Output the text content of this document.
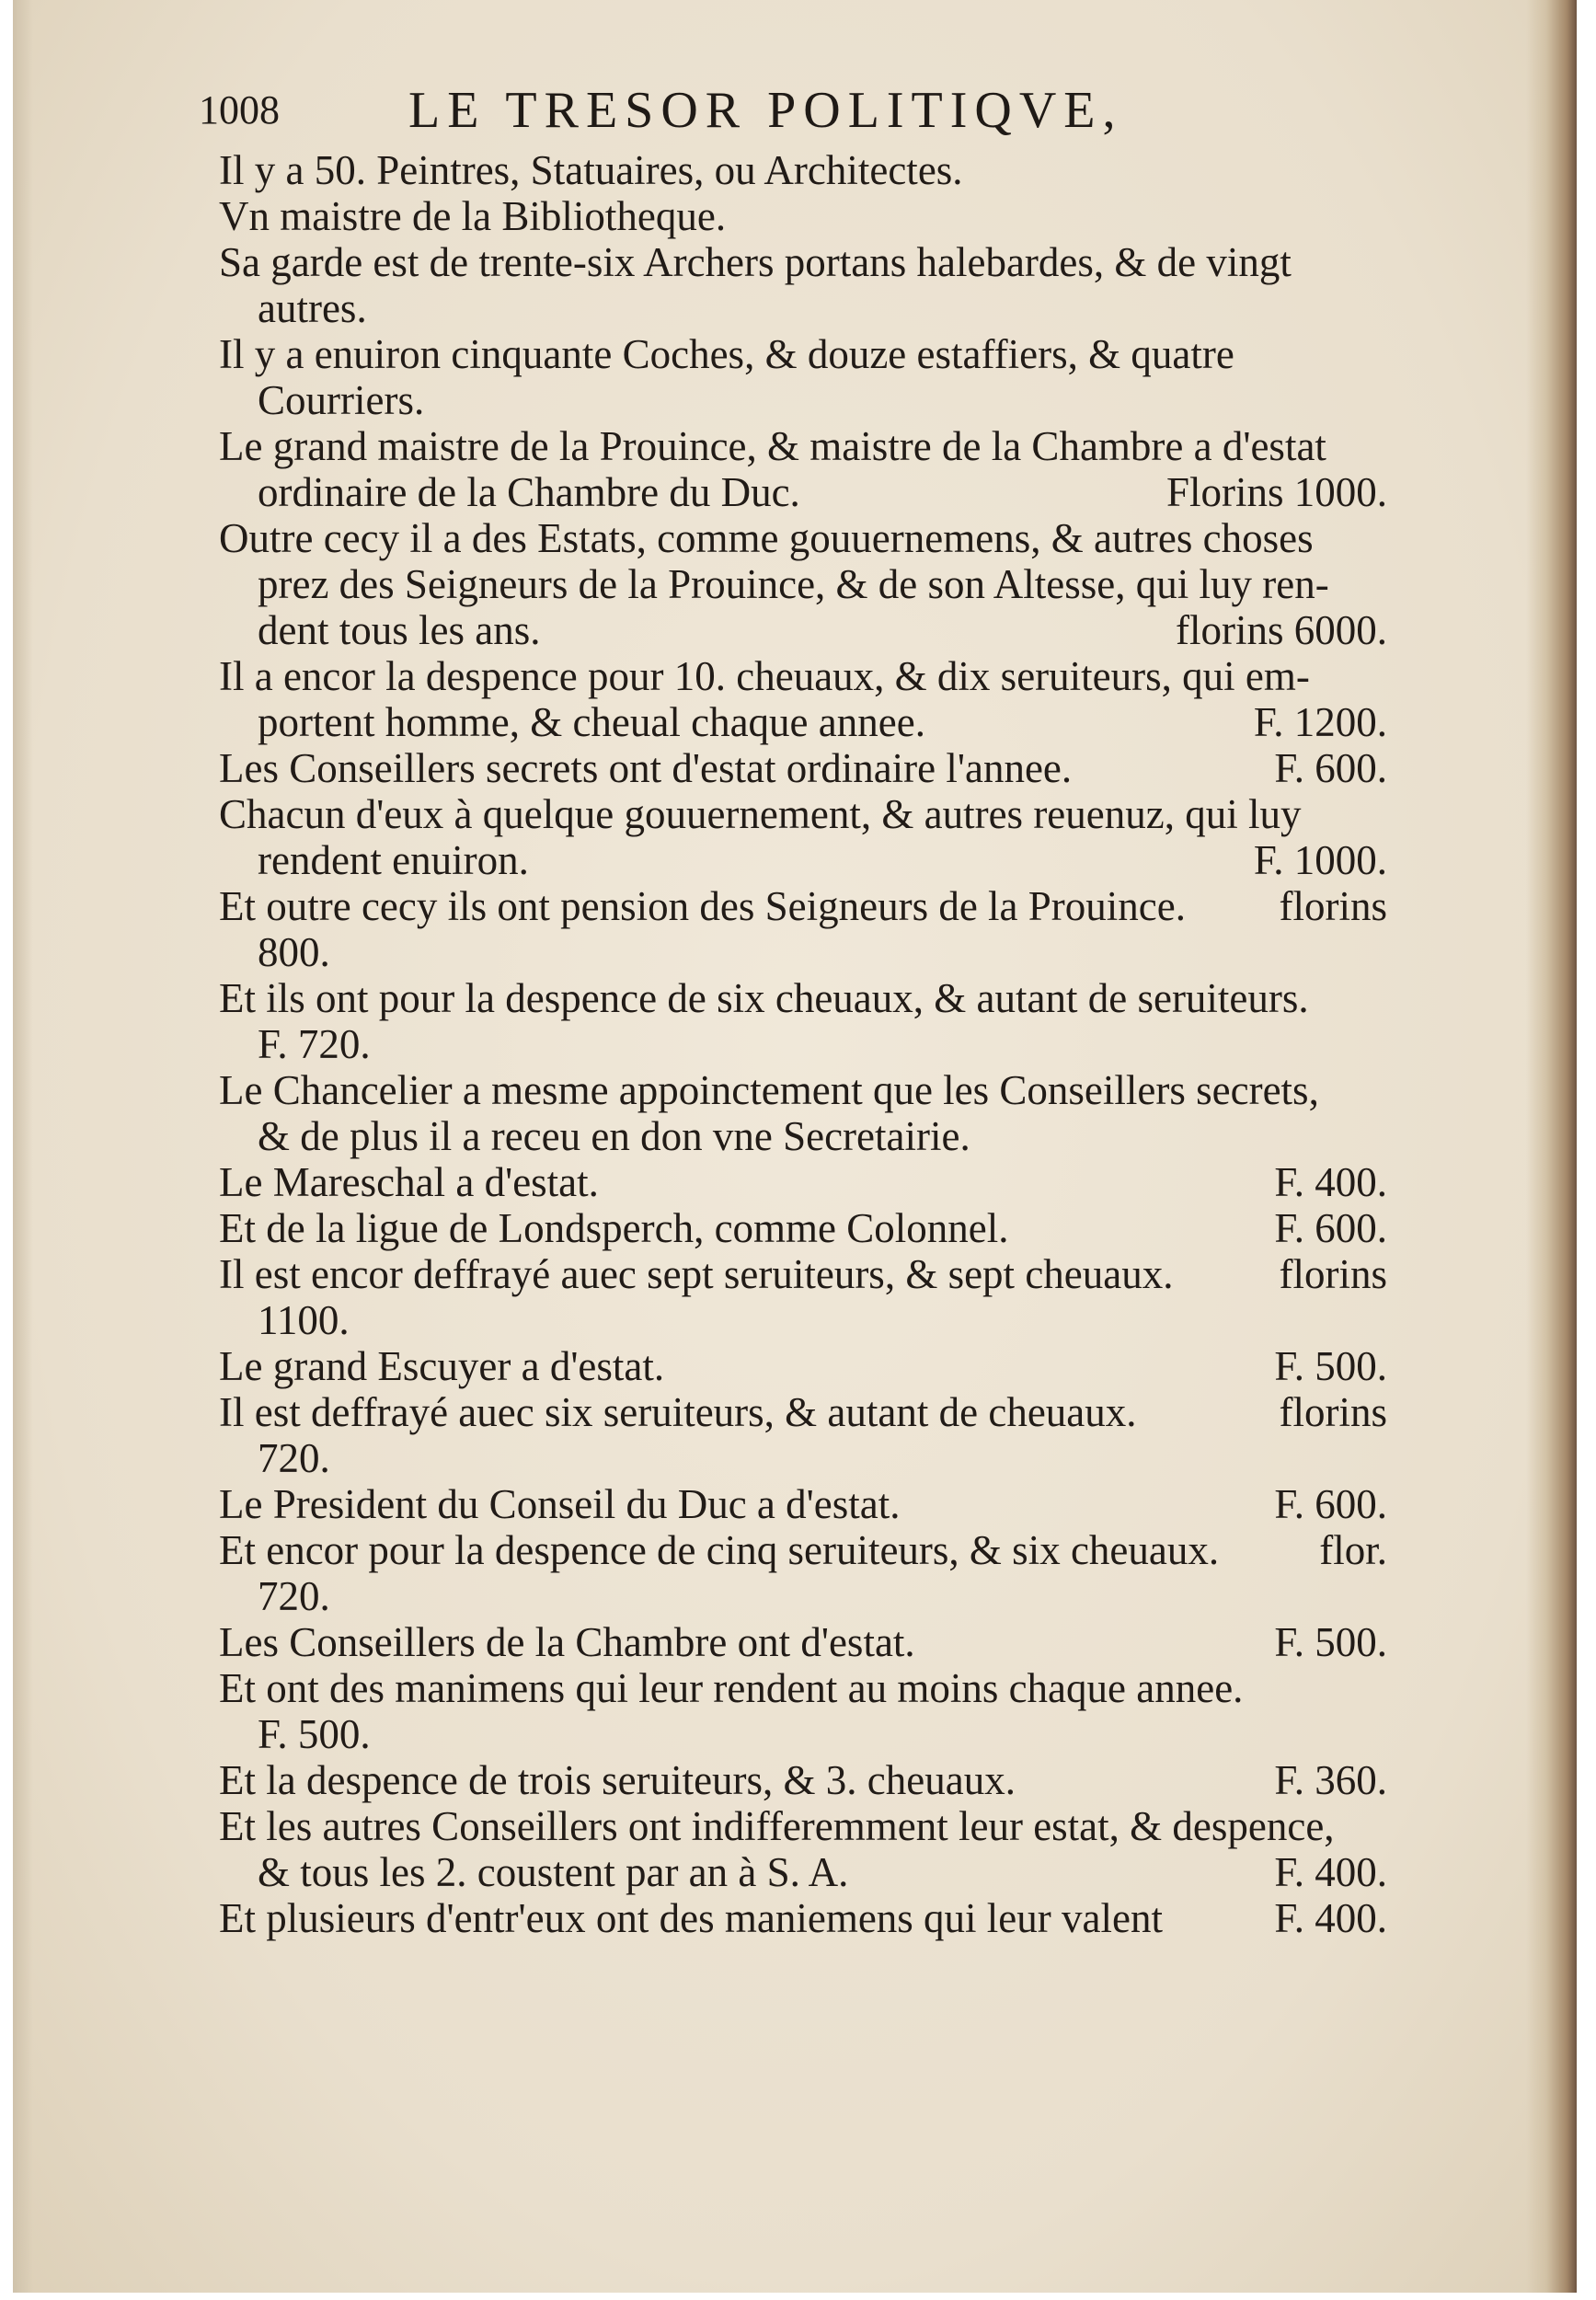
1008	LE TRESOR POLITIQVE,
Il y a 50. Peintres, Statuaires, ou Architectes.
Vn maistre de la Bibliotheque.
Sa garde est de trente-six Archers portans halebardes, & de vingt
autres.
Il y a enuiron cinquante Coches, & douze estaffiers, & quatre
Courriers.
Le grand maistre de la Prouince, & maistre de la Chambre a d'estat
ordinaire de la Chambre du Duc.	Florins 1000.
Outre cecy il a des Estats, comme gouuernemens, & autres choses
prez des Seigneurs de la Prouince, & de son Altesse, qui luy ren-
dent tous les ans.	florins 6000.
Il a encor la despence pour 10. cheuaux, & dix seruiteurs, qui em-
portent homme, & cheual chaque annee.	F. 1200.
Les Conseillers secrets ont d'estat ordinaire l'annee.	F. 600.
Chacun d'eux à quelque gouuernement, & autres reuenuz, qui luy
rendent enuiron.	F. 1000.
Et outre cecy ils ont pension des Seigneurs de la Prouince. florins
800.
Et ils ont pour la despence de six cheuaux, & autant de seruiteurs.
F. 720.
Le Chancelier a mesme appoinctement que les Conseillers secrets,
& de plus il a receu en don vne Secretairie.
Le Mareschal a d'estat.	F. 400.
Et de la ligue de Londsperch, comme Colonnel.	F. 600.
Il est encor deffrayé auec sept seruiteurs, & sept cheuaux.	florins
1100.
Le grand Escuyer a d'estat.	F. 500.
Il est deffrayé auec six seruiteurs, & autant de cheuaux.	florins
720.
Le President du Conseil du Duc a d'estat.	F. 600.
Et encor pour la despence de cinq seruiteurs, & six cheuaux. flor.
720.
Les Conseillers de la Chambre ont d'estat.	F. 500.
Et ont des manimens qui leur rendent au moins chaque annee.
F. 500.
Et la despence de trois seruiteurs, & 3. cheuaux.	F. 360.
Et les autres Conseillers ont indifferemment leur estat, & despence,
& tous les 2. coustent par an à S. A.	F. 400.
Et plusieurs d'entr'eux ont des maniemens qui leur valent	F. 400.
